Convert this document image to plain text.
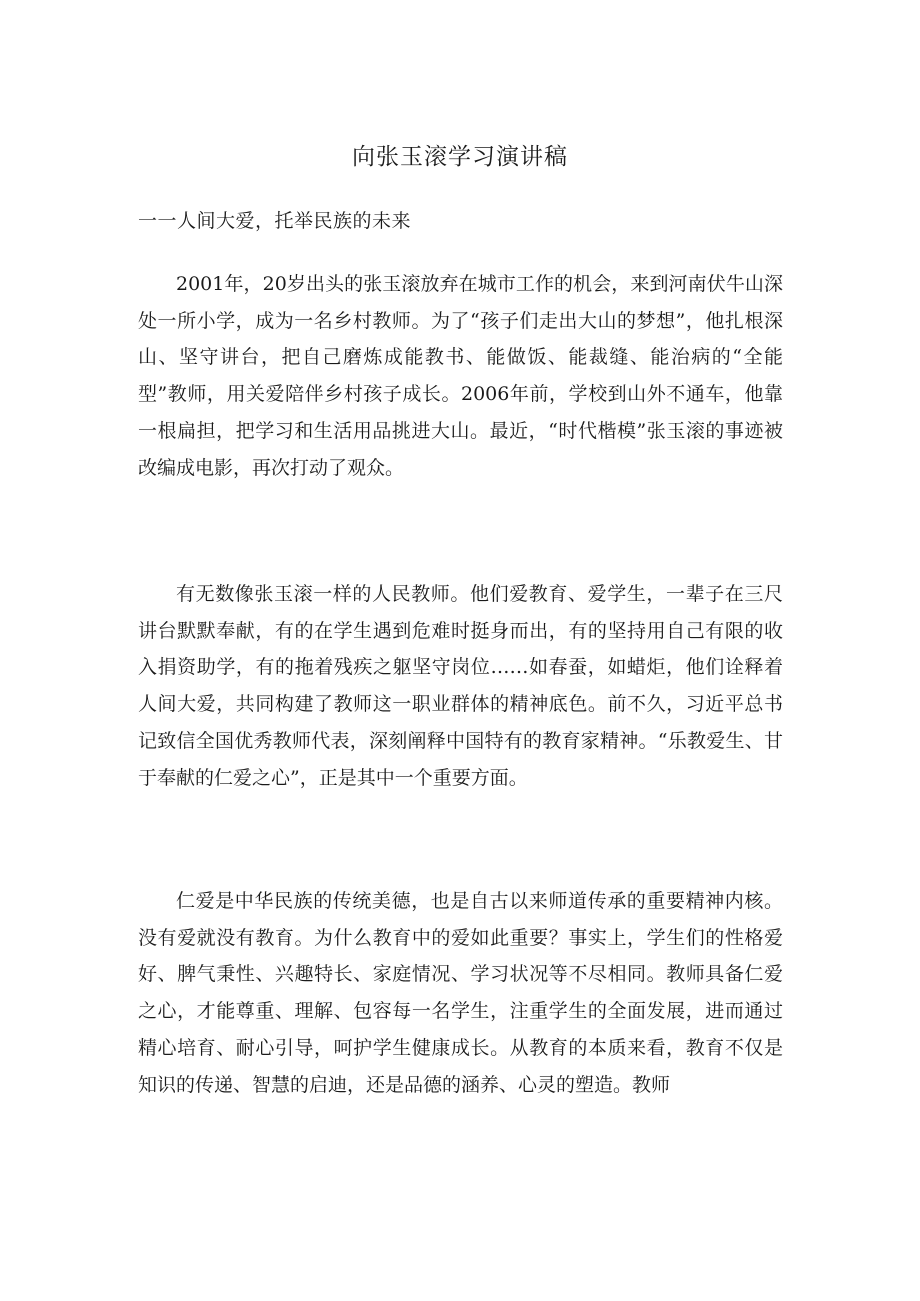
向张玉滚学习演讲稿
一一人间大爱，托举民族的未来

2001年，20岁出头的张玉滚放弃在城市工作的机会，来到河南伏牛山深处一所小学，成为一名乡村教师。为了“孩子们走出大山的梦想”，他扎根深山、坚守讲台，把自己磨炼成能教书、能做饭、能裁缝、能治病的“全能型”教师，用关爱陪伴乡村孩子成长。2006年前，学校到山外不通车，他靠一根扁担，把学习和生活用品挑进大山。最近，“时代楷模”张玉滚的事迹被改编成电影，再次打动了观众。

有无数像张玉滚一样的人民教师。他们爱教育、爱学生，一辈子在三尺讲台默默奉献，有的在学生遇到危难时挺身而出，有的坚持用自己有限的收入捐资助学，有的拖着残疾之躯坚守岗位……如春蚕，如蜡炬，他们诠释着人间大爱，共同构建了教师这一职业群体的精神底色。前不久，习近平总书记致信全国优秀教师代表，深刻阐释中国特有的教育家精神。“乐教爱生、甘于奉献的仁爱之心”，正是其中一个重要方面。

仁爱是中华民族的传统美德，也是自古以来师道传承的重要精神内核。没有爱就没有教育。为什么教育中的爱如此重要？事实上，学生们的性格爱好、脾气秉性、兴趣特长、家庭情况、学习状况等不尽相同。教师具备仁爱之心，才能尊重、理解、包容每一名学生，注重学生的全面发展，进而通过精心培育、耐心引导，呵护学生健康成长。从教育的本质来看，教育不仅是知识的传递、智慧的启迪，还是品德的涵养、心灵的塑造。教师
